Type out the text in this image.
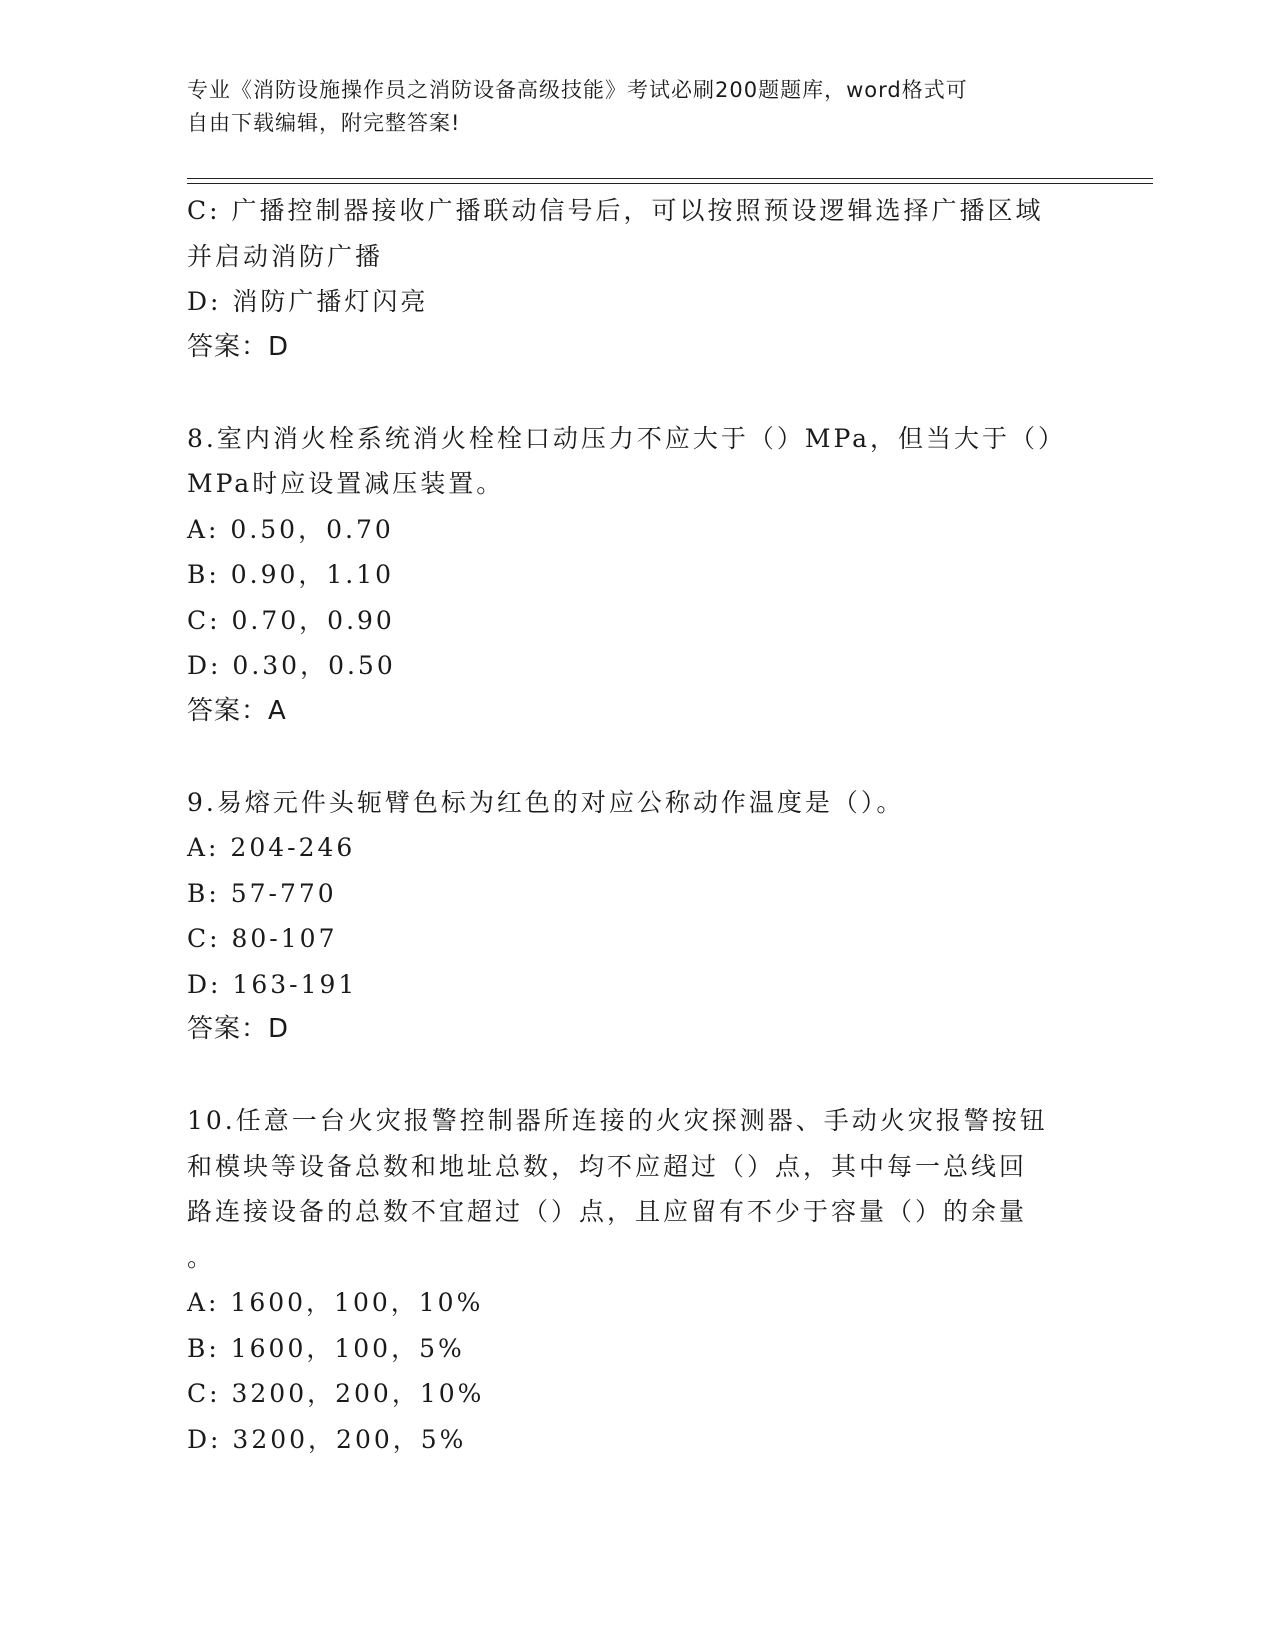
专业《消防设施操作员之消防设备高级技能》考试必刷200题题库，word格式可
自由下载编辑，附完整答案!
C: 广播控制器接收广播联动信号后，可以按照预设逻辑选择广播区域
并启动消防广播
D: 消防广播灯闪亮
答案：D
8.室内消火栓系统消火栓栓口动压力不应大于（）MPa，但当大于（）
MPa时应设置减压装置。
A: 0.50，0.70
B: 0.90，1.10
C: 0.70，0.90
D: 0.30，0.50
答案：A
9.易熔元件头轭臂色标为红色的对应公称动作温度是（）。
A: 204-246
B: 57-770
C: 80-107
D: 163-191
答案：D
10.任意一台火灾报警控制器所连接的火灾探测器、手动火灾报警按钮
和模块等设备总数和地址总数，均不应超过（）点，其中每一总线回
路连接设备的总数不宜超过（）点，且应留有不少于容量（）的余量
。
A: 1600，100，10%
B: 1600，100，5%
C: 3200，200，10%
D: 3200，200，5%
